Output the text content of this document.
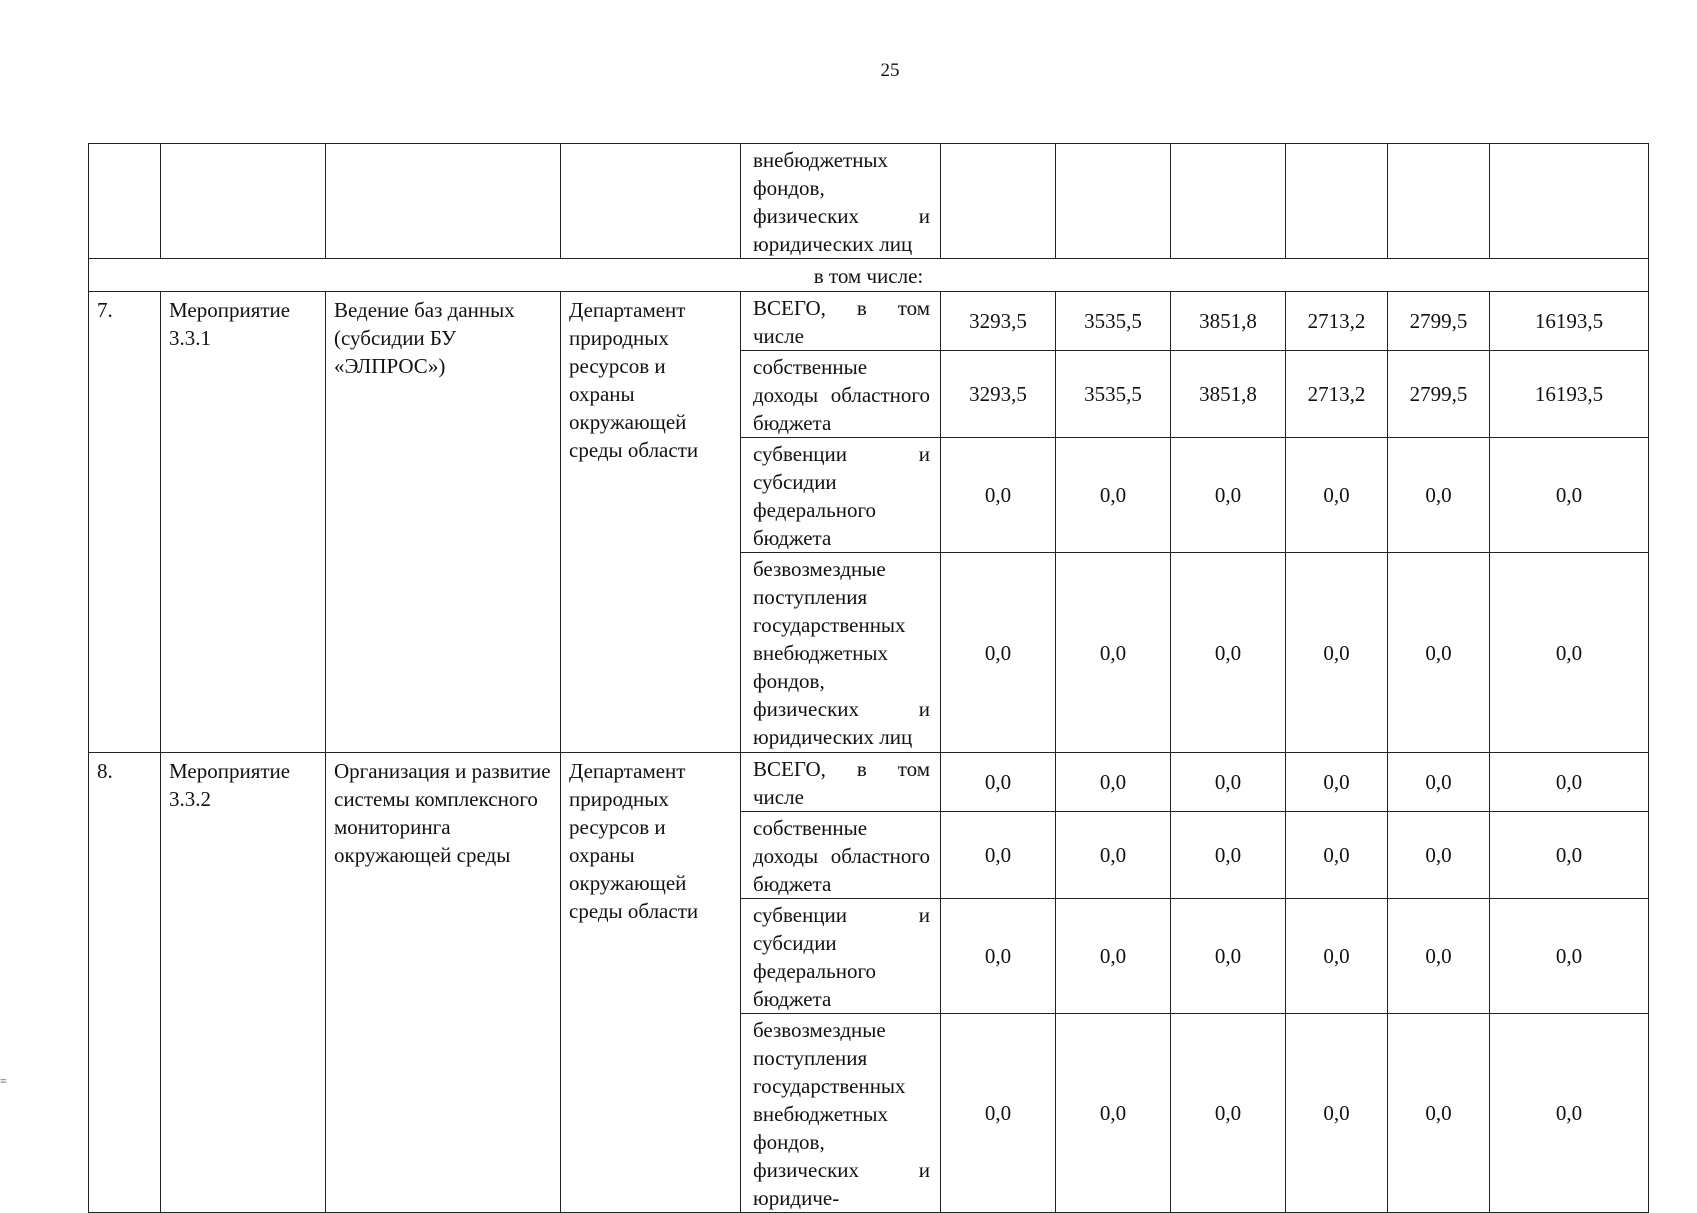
25
				внебюджетных фондов, физических и юридических лиц						
в том числе:										
7.	Мероприятие 3.3.1	Ведение баз данных (субсидии БУ «ЭЛПРОС»)	Департамент природных ресурсов и охраны окружающей среды области	ВСЕГО, в том числе	3293,5	3535,5	3851,8	2713,2	2799,5	16193,5
				собственные доходы областного бюджета	3293,5	3535,5	3851,8	2713,2	2799,5	16193,5
				субвенции и субсидии федерального бюджета	0,0	0,0	0,0	0,0	0,0	0,0
				безвозмездные поступления государственных внебюджетных фондов, физических и юридических лиц	0,0	0,0	0,0	0,0	0,0	0,0
8.	Мероприятие 3.3.2	Организация и развитие системы комплексного мониторинга окружающей среды	Департамент природных ресурсов и охраны окружающей среды области	ВСЕГО, в том числе	0,0	0,0	0,0	0,0	0,0	0,0
				собственные доходы областного бюджета	0,0	0,0	0,0	0,0	0,0	0,0
				субвенции и субсидии федерального бюджета	0,0	0,0	0,0	0,0	0,0	0,0
				безвозмездные поступления государственных внебюджетных фондов, физических и юридиче-	0,0	0,0	0,0	0,0	0,0	0,0
≡
